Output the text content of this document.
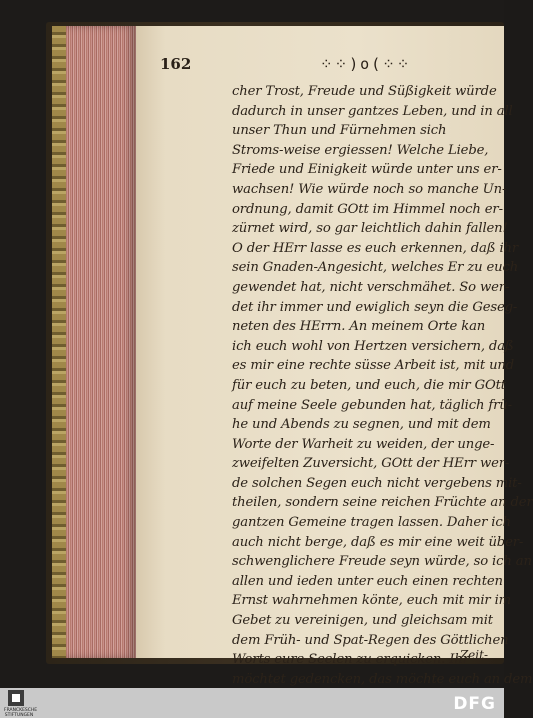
162	⁘⁘)o(⁘⁘
cher Trost, Freude und Süßigkeit würde
dadurch in unser gantzes Leben, und in all
unser Thun und Fürnehmen sich
Stroms-weise ergiessen! Welche Liebe,
Friede und Einigkeit würde unter uns er-
wachsen! Wie würde noch so manche Un-
ordnung, damit GOtt im Himmel noch er-
zürnet wird, so gar leichtlich dahin fallen!
O der HErr lasse es euch erkennen, daß ihr
sein Gnaden-Angesicht, welches Er zu euch
gewendet hat, nicht verschmähet. So wer-
det ihr immer und ewiglich seyn die Geseg-
neten des HErrn. An meinem Orte kan
ich euch wohl von Hertzen versichern, daß
es mir eine rechte süsse Arbeit ist, mit und
für euch zu beten, und euch, die mir GOtt
auf meine Seele gebunden hat, täglich frü-
he und Abends zu segnen, und mit dem
Worte der Warheit zu weiden, der unge-
zweifelten Zuversicht, GOtt der HErr wer-
de solchen Segen euch nicht vergebens mit-
theilen, sondern seine reichen Früchte an der
gantzen Gemeine tragen lassen. Daher ich
auch nicht berge, daß es mir eine weit über-
schwenglichere Freude seyn würde, so ich an
allen und ieden unter euch einen rechten
Ernst wahrnehmen könte, euch mit mir im
Gebet zu vereinigen, und gleichsam mit
dem Früh- und Spat-Regen des Göttlichen
Worts eure Seelen zu erquicken. Ihr
möchtet gedencken, das möchte euch an dem
Zeit-
FRANCKESCHE
STIFTUNGEN
DFG
